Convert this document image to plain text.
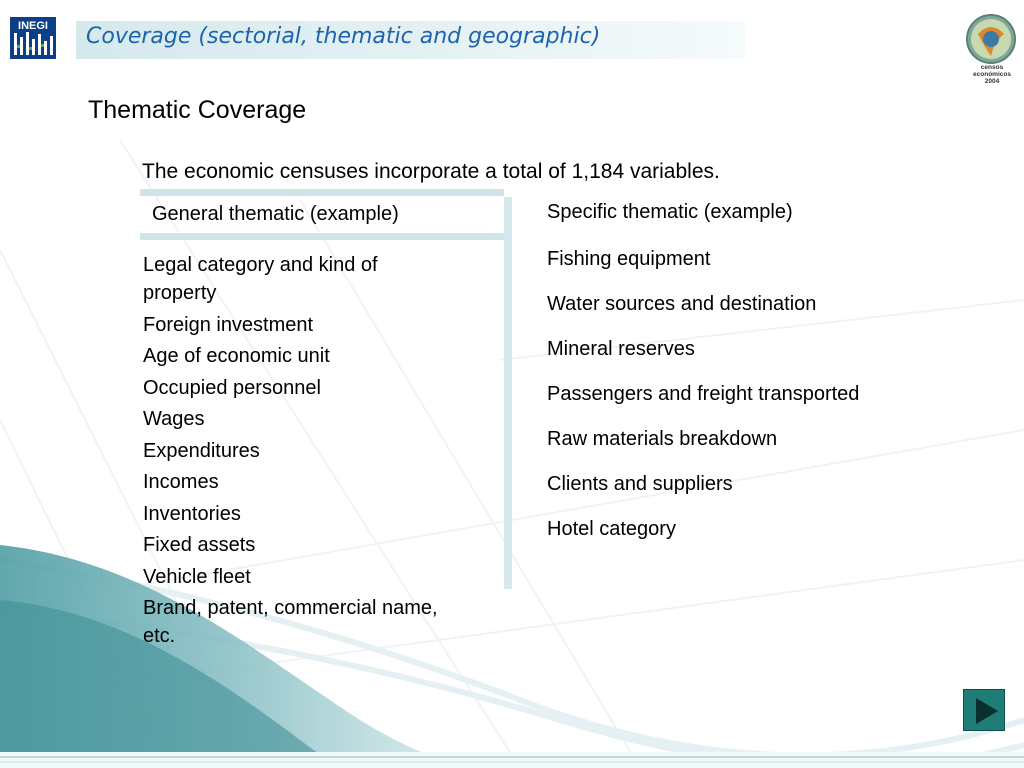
INEGI Coverage (sectorial, thematic and geographic)
censos
económicos
2004
Thematic Coverage
The economic censuses incorporate a total of 1,184 variables.
General thematic (example)	Specific thematic (example)
Legal category and kind of property
Foreign investment
Age of economic unit
Occupied personnel
Wages
Expenditures
Incomes
Inventories
Fixed assets
Vehicle fleet
Brand, patent, commercial name, etc.
Fishing equipment
Water sources and destination
Mineral reserves
Passengers and freight transported
Raw materials breakdown
Clients and suppliers
Hotel category
